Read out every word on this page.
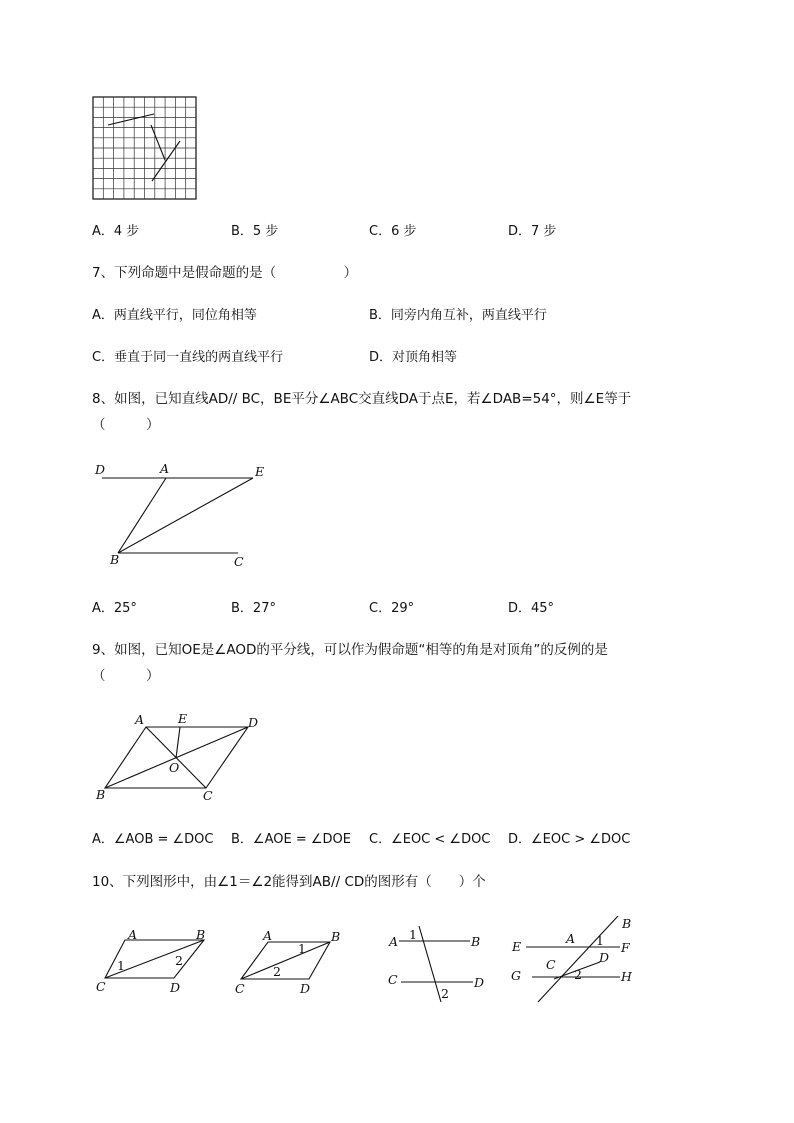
A．4 步	B．5 步	C．6 步	D．7 步
7、下列命题中是假命题的是（　　　　　）
A．两直线平行，同位角相等	B．同旁内角互补，两直线平行
C．垂直于同一直线的两直线平行	D．对顶角相等
8、如图，已知直线AD// BC，BE平分∠ABC交直线DA于点E，若∠DAB=54°，则∠E等于
（　　　）
D	A	E
B	C
A．25°	B．27°	C．29°	D．45°
9、如图，已知OE是∠AOD的平分线，可以作为假命题“相等的角是对顶角”的反例的是
（　　　）
A	E	D
O
B	C
A．∠AOB = ∠DOC B．∠AOE = ∠DOE C．∠EOC < ∠DOC D．∠EOC > ∠DOC
10、下列图形中，由∠1＝∠2能得到AB// CD的图形有（　　）个
A	B
C	D
1	2
A	B
C	D
1
2
A	B
C	D
1
2
B
E
A 1 F
D
G
C
2	H
